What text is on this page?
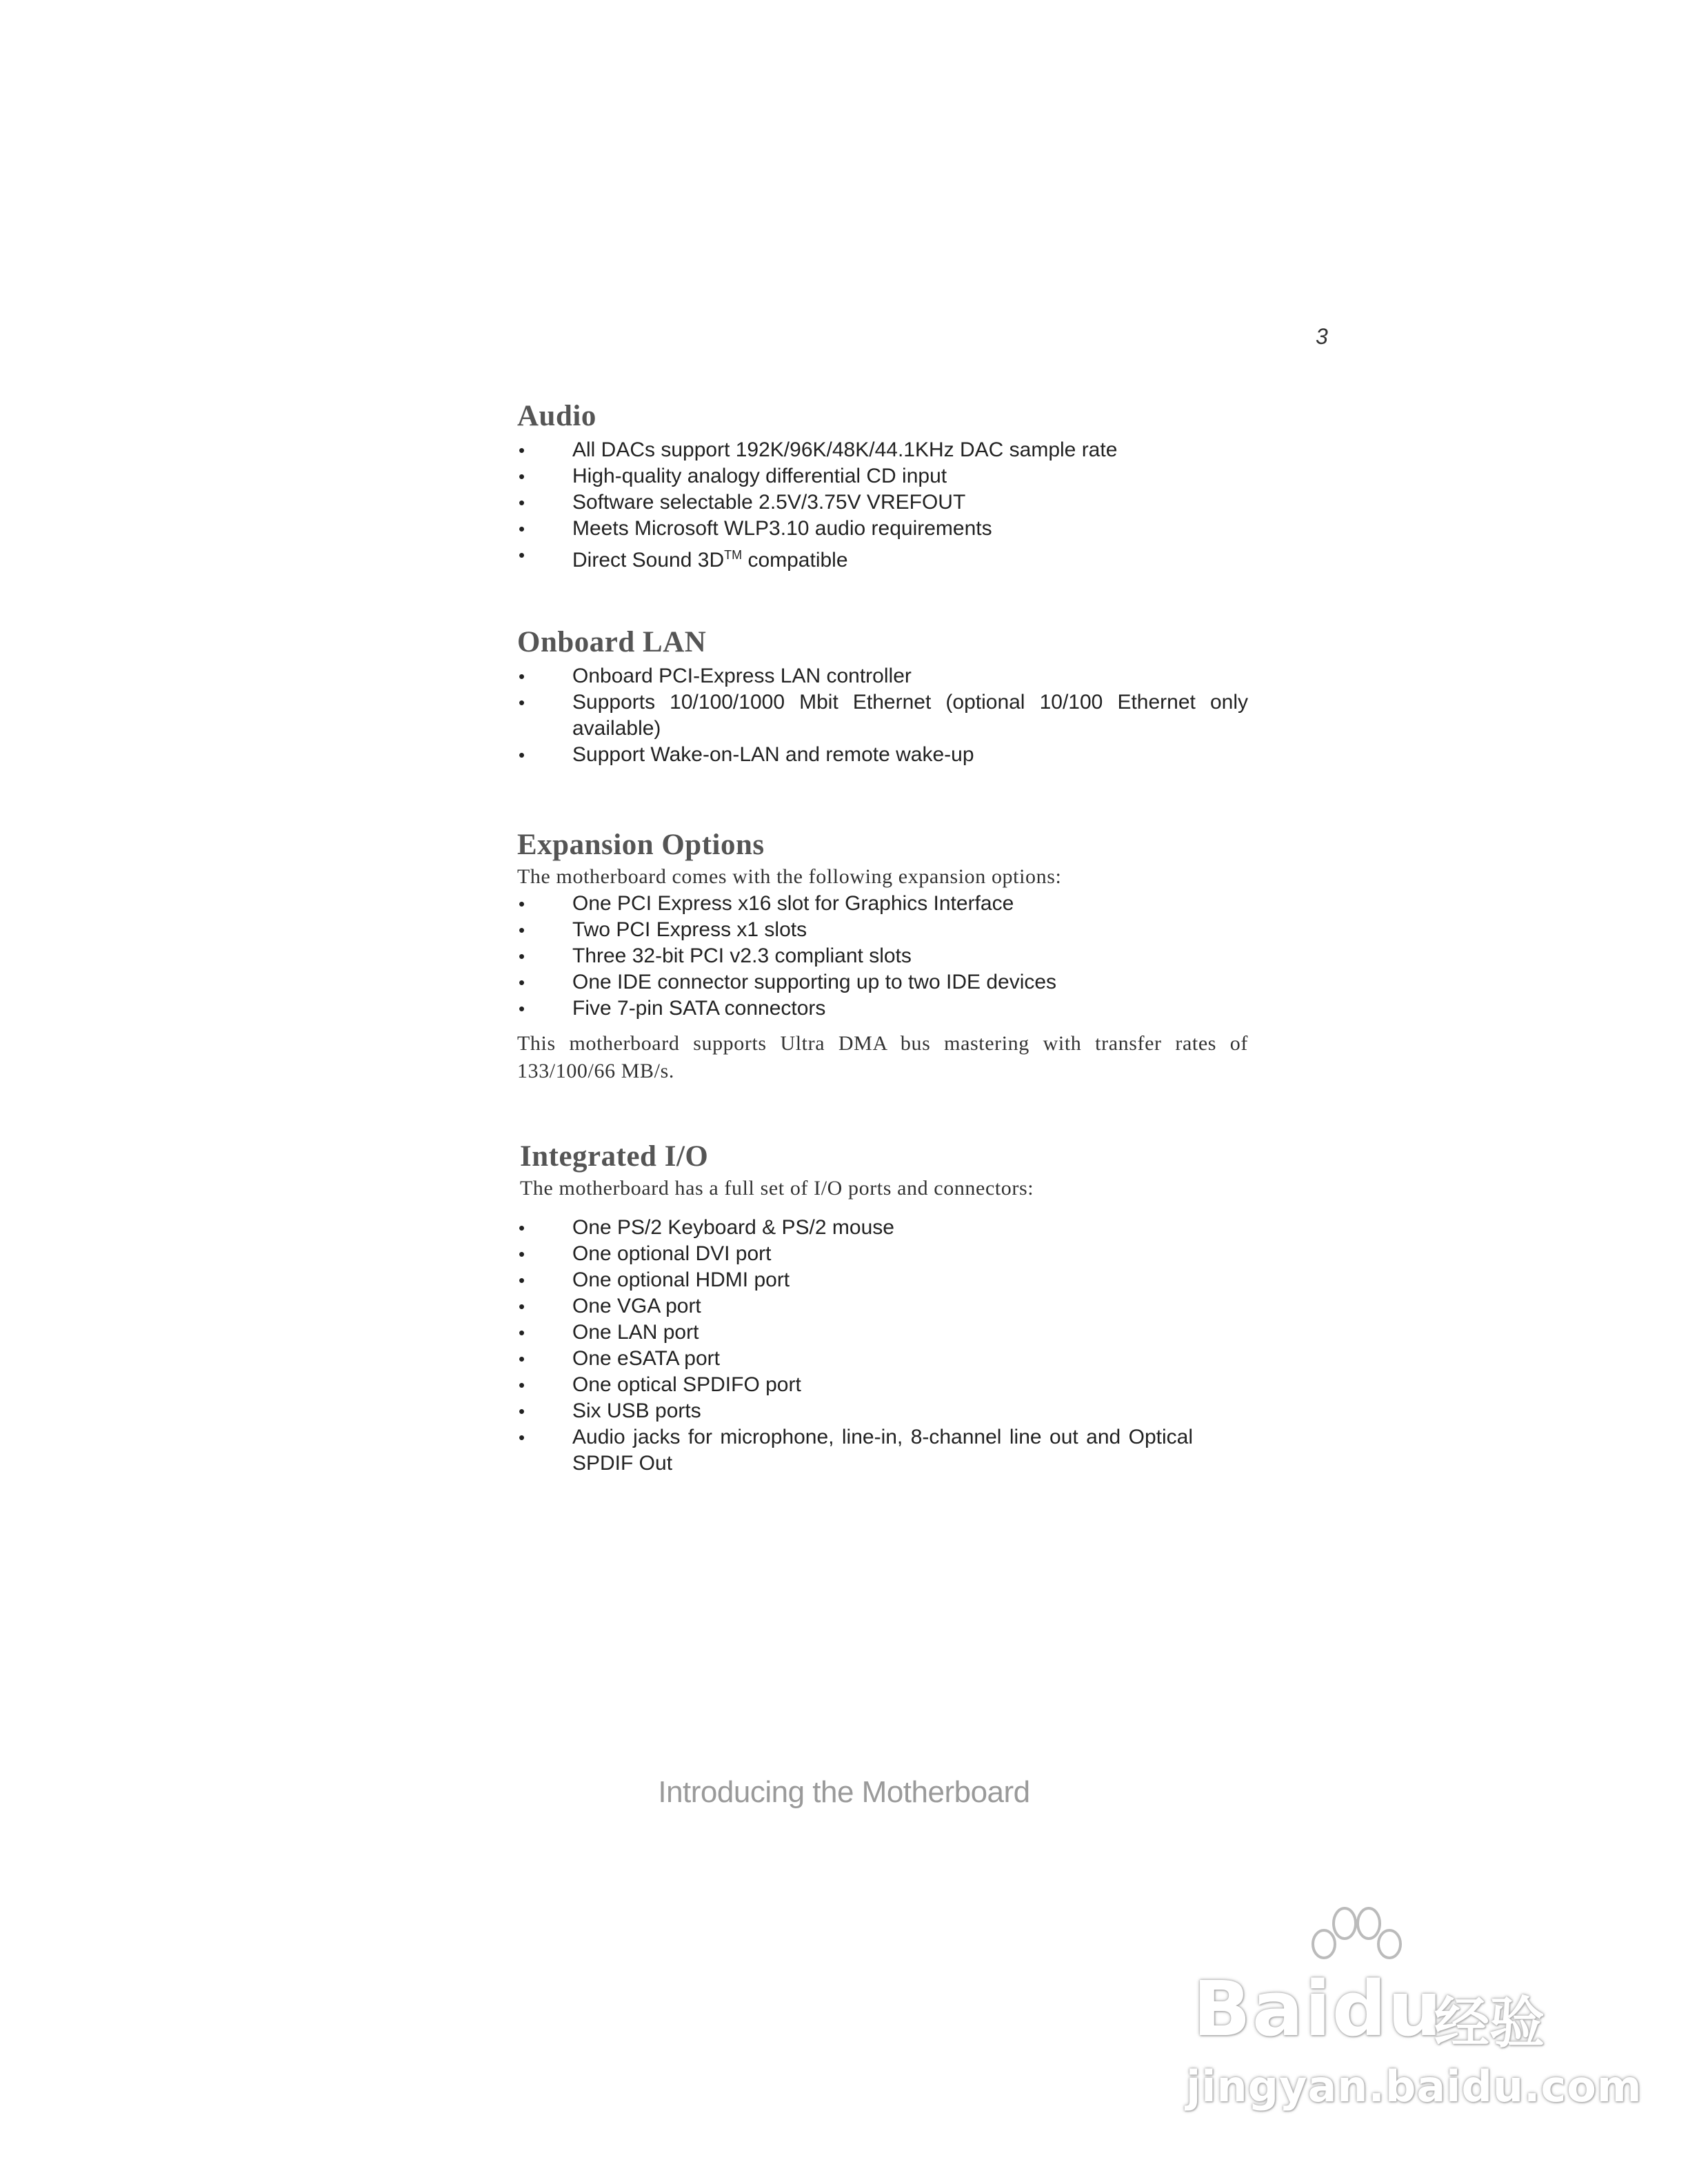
3
Audio
• All DACs support 192K/96K/48K/44.1KHz DAC sample rate
• High-quality analogy differential CD input
• Software selectable 2.5V/3.75V VREFOUT
• Meets Microsoft WLP3.10 audio requirements
• Direct Sound 3D™ compatible
Onboard LAN
• Onboard PCI-Express LAN controller
• Supports 10/100/1000 Mbit Ethernet (optional 10/100 Ethernet only available)
• Support Wake-on-LAN and remote wake-up
Expansion Options

The motherboard comes with the following expansion options:

• One PCI Express x16 slot for Graphics Interface
• Two PCI Express x1 slots
• Three 32-bit PCI v2.3 compliant slots
• One IDE connector supporting up to two IDE devices
• Five 7-pin SATA connectors

This motherboard supports Ultra DMA bus mastering with transfer rates of 133/100/66 MB/s.

Integrated I/O

The motherboard has a full set of I/O ports and connectors:

• One PS/2 Keyboard & PS/2 mouse
• One optional DVI port
• One optional HDMI port
• One VGA port
• One LAN port
• One eSATA port
• One optical SPDIFO port
• Six USB ports
• Audio jacks for microphone, line-in, 8-channel line out and Optical SPDIF Out
Introducing the Motherboard
Baidu
经验
jingyan.baidu.com
